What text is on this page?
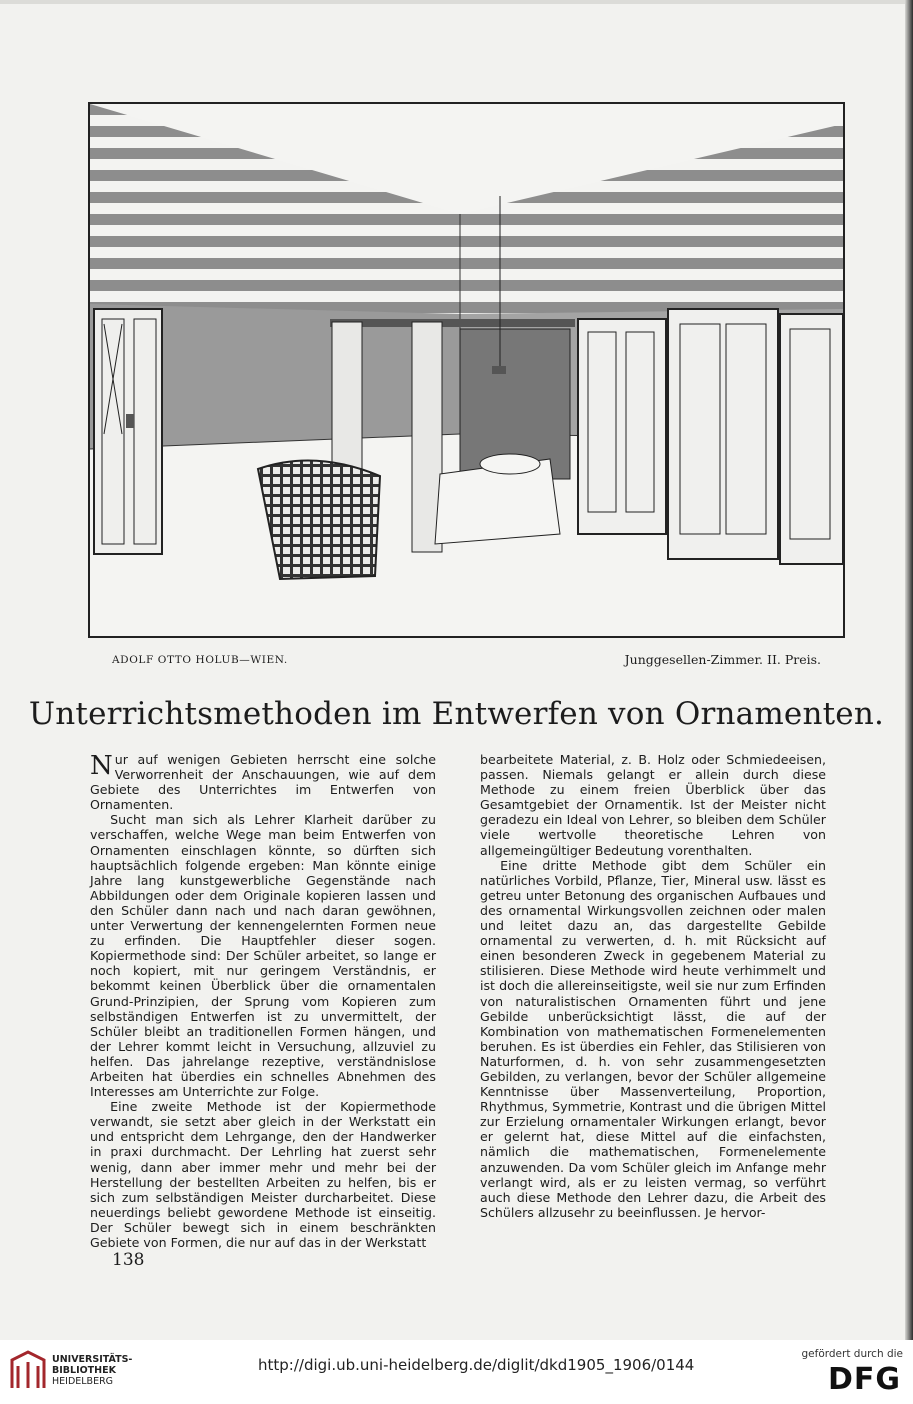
ADOLF OTTO HOLUB—WIEN.	Junggesellen-Zimmer. II. Preis.
Unterrichtsmethoden im Entwerfen von Ornamenten.

Nur auf wenigen Gebieten herrscht eine solche Verworrenheit der Anschauungen, wie auf dem Gebiete des Unterrichtes im Entwerfen von Ornamenten.

Sucht man sich als Lehrer Klarheit darüber zu verschaffen, welche Wege man beim Entwerfen von Ornamenten einschlagen könnte, so dürften sich hauptsächlich folgende ergeben: Man könnte einige Jahre lang kunstgewerbliche Gegenstände nach Abbildungen oder dem Originale kopieren lassen und den Schüler dann nach und nach daran gewöhnen, unter Verwertung der kennengelernten Formen neue zu erfinden. Die Hauptfehler dieser sogen. Kopiermethode sind: Der Schüler arbeitet, so lange er noch kopiert, mit nur geringem Verständnis, er bekommt keinen Überblick über die ornamentalen Grund-Prinzipien, der Sprung vom Kopieren zum selbständigen Entwerfen ist zu unvermittelt, der Schüler bleibt an traditionellen Formen hängen, und der Lehrer kommt leicht in Versuchung, allzuviel zu helfen. Das jahrelange rezeptive, verständnislose Arbeiten hat überdies ein schnelles Abnehmen des Interesses am Unterrichte zur Folge.

Eine zweite Methode ist der Kopiermethode verwandt, sie setzt aber gleich in der Werkstatt ein und entspricht dem Lehrgange, den der Handwerker in praxi durchmacht. Der Lehrling hat zuerst sehr wenig, dann aber immer mehr und mehr bei der Herstellung der bestellten Arbeiten zu helfen, bis er sich zum selbständigen Meister durcharbeitet. Diese neuerdings beliebt gewordene Methode ist einseitig. Der Schüler bewegt sich in einem beschränkten Gebiete von Formen, die nur auf das in der Werkstatt

bearbeitete Material, z. B. Holz oder Schmiedeeisen, passen. Niemals gelangt er allein durch diese Methode zu einem freien Überblick über das Gesamtgebiet der Ornamentik. Ist der Meister nicht geradezu ein Ideal von Lehrer, so bleiben dem Schüler viele wertvolle theoretische Lehren von allgemeingültiger Bedeutung vorenthalten.

Eine dritte Methode gibt dem Schüler ein natürliches Vorbild, Pflanze, Tier, Mineral usw. lässt es getreu unter Betonung des organischen Aufbaues und des ornamental Wirkungsvollen zeichnen oder malen und leitet dazu an, das dargestellte Gebilde ornamental zu verwerten, d. h. mit Rücksicht auf einen besonderen Zweck in gegebenem Material zu stilisieren. Diese Methode wird heute verhimmelt und ist doch die allereinseitigste, weil sie nur zum Erfinden von naturalistischen Ornamenten führt und jene Gebilde unberücksichtigt lässt, die auf der Kombination von mathematischen Formenelementen beruhen. Es ist überdies ein Fehler, das Stilisieren von Naturformen, d. h. von sehr zusammengesetzten Gebilden, zu verlangen, bevor der Schüler allgemeine Kenntnisse über Massenverteilung, Proportion, Rhythmus, Symmetrie, Kontrast und die übrigen Mittel zur Erzielung ornamentaler Wirkungen erlangt, bevor er gelernt hat, diese Mittel auf die einfachsten, nämlich die mathematischen, Formenelemente anzuwenden. Da vom Schüler gleich im Anfange mehr verlangt wird, als er zu leisten vermag, so verführt auch diese Methode den Lehrer dazu, die Arbeit des Schülers allzusehr zu beeinflussen. Je hervor-

138
UNIVERSITÄTS-
BIBLIOTHEK
HEIDELBERG
http://digi.ub.uni-heidelberg.de/diglit/dkd1905_1906/0144
gefördert durch die
DFG
